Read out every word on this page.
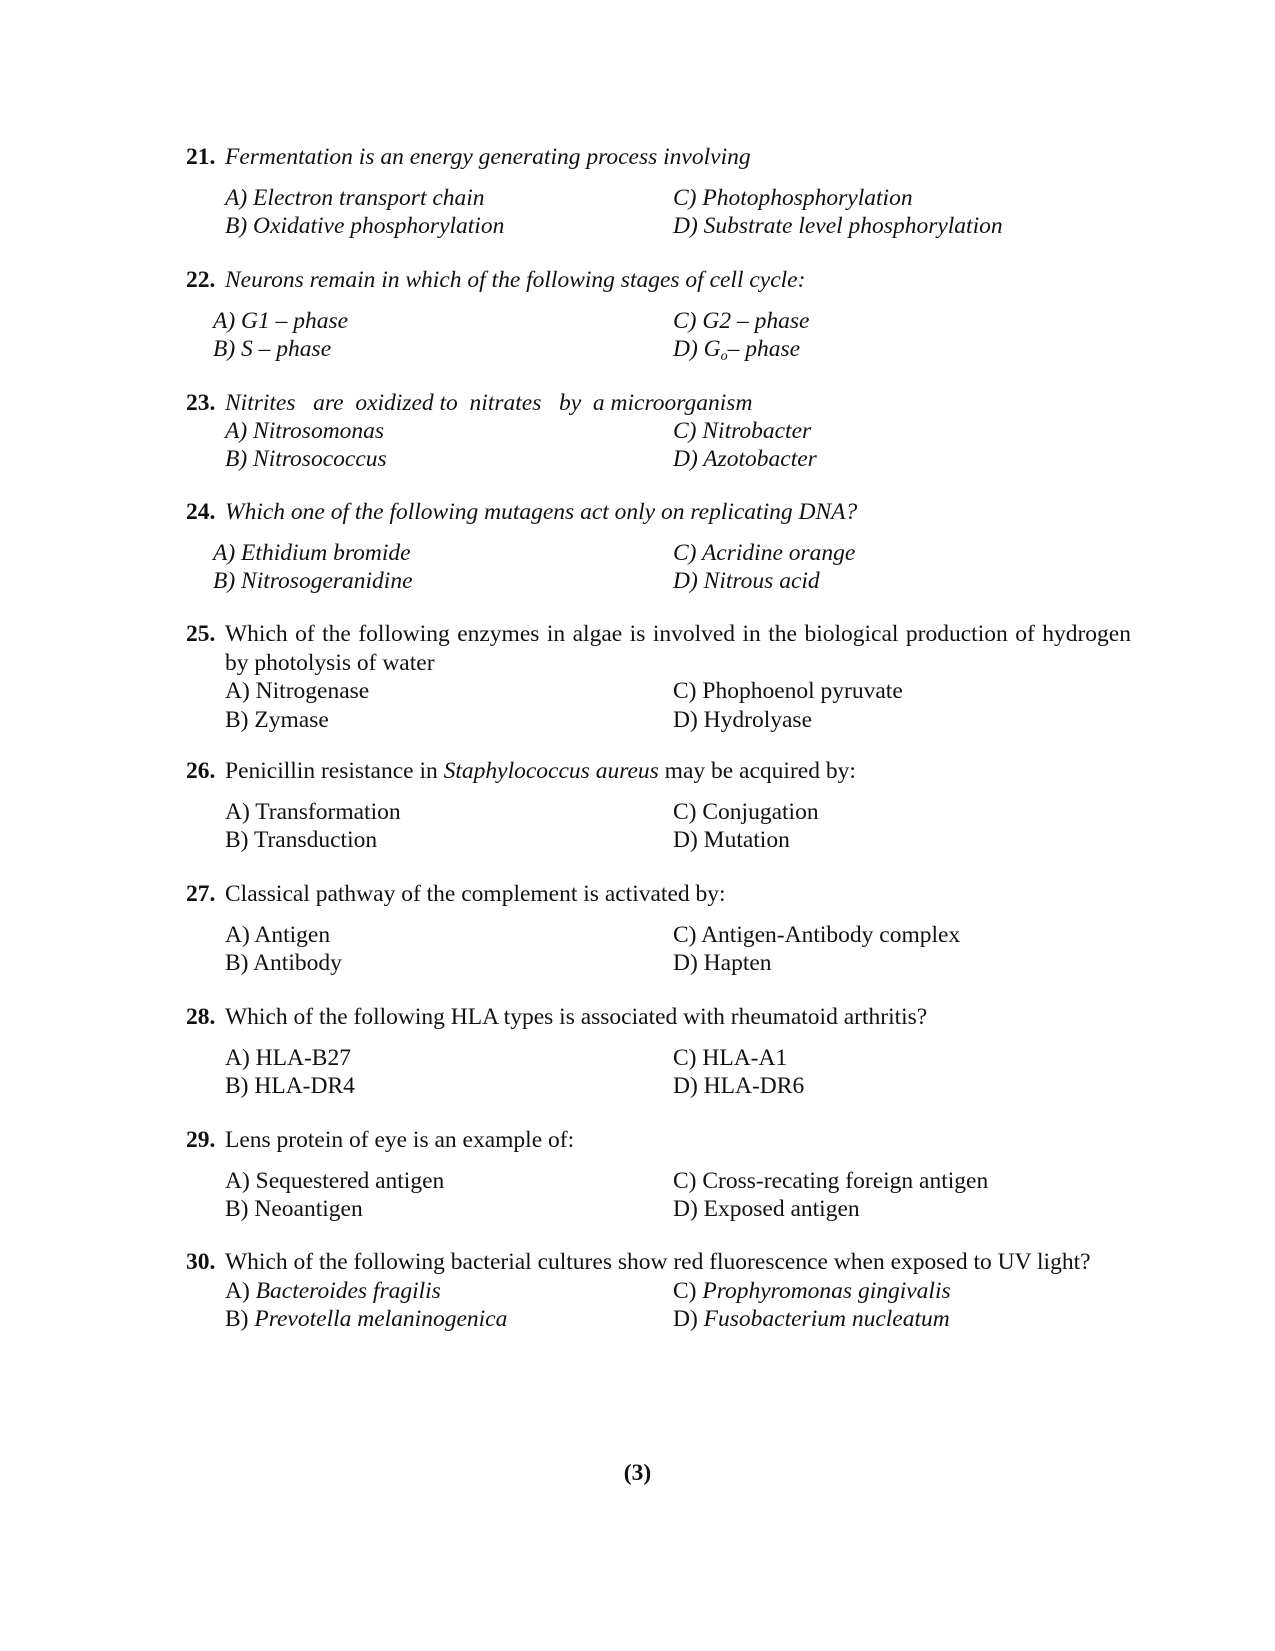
21. Fermentation is an energy generating process involving
A) Electron transport chain	C) Photophosphorylation
B) Oxidative phosphorylation	D) Substrate level phosphorylation
22. Neurons remain in which of the following stages of cell cycle:
A) G1 – phase	C) G2 – phase
B) S – phase	D) $G_o-$ phase
23. Nitrites   are  oxidized to  nitrates   by  a microorganism
A) Nitrosomonas	C) Nitrobacter
B) Nitrosococcus	D) Azotobacter
24. Which one of the following mutagens act only on replicating DNA?
A) Ethidium bromide	C) Acridine orange
B) Nitrosogeranidine	D) Nitrous acid
25. Which of the following enzymes in algae is involved in the biological production of hydrogen by photolysis of water
A) Nitrogenase	C) Phophoenol pyruvate
B) Zymase	D) Hydrolyase
26. Penicillin resistance in Staphylococcus aureus may be acquired by:
A) Transformation	C) Conjugation
B) Transduction	D) Mutation
27. Classical pathway of the complement is activated by:
A) Antigen	C) Antigen-Antibody complex
B) Antibody	D) Hapten
28. Which of the following HLA types is associated with rheumatoid arthritis?
A) HLA-B27	C) HLA-A1
B) HLA-DR4	D) HLA-DR6
29. Lens protein of eye is an example of:
A) Sequestered antigen	C) Cross-recating foreign antigen
B) Neoantigen	D) Exposed antigen
30. Which of the following bacterial cultures show red fluorescence when exposed to UV light?
A) Bacteroides fragilis	C) Prophyromonas gingivalis
B) Prevotella melaninogenica	D) Fusobacterium nucleatum
(3)
